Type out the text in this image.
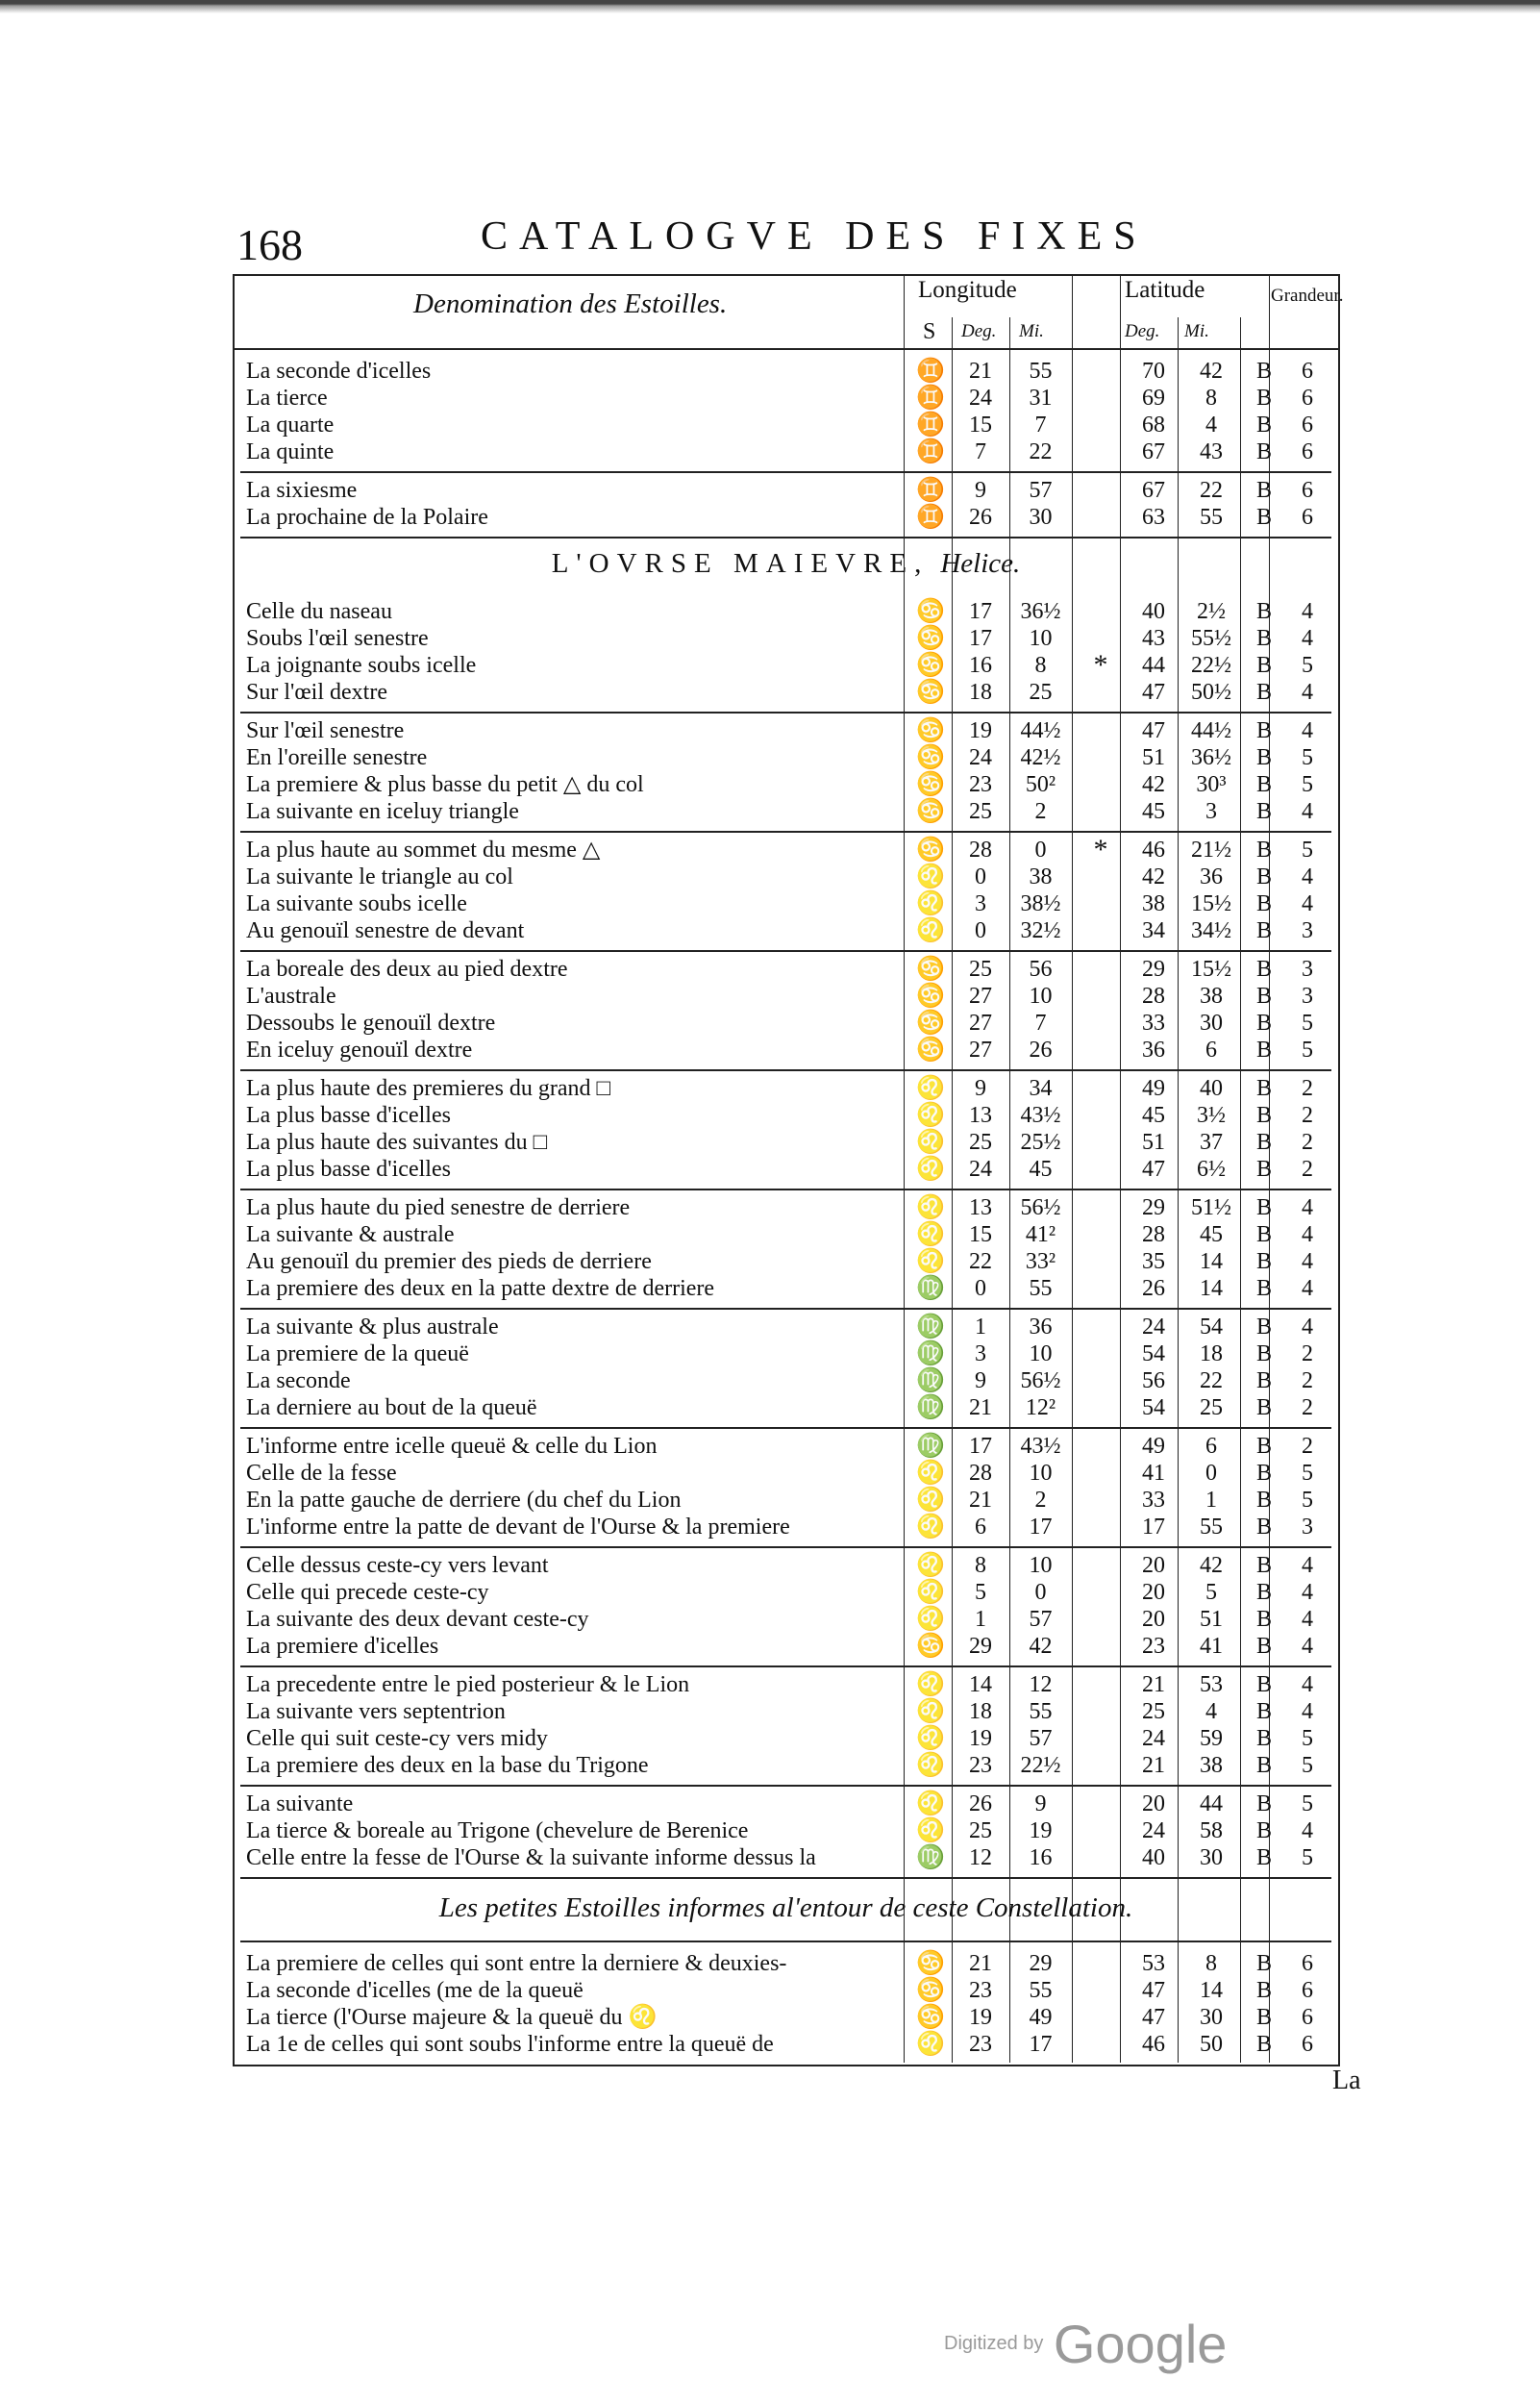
168	CATALOGVE DES FIXES
Denomination des Estoilles.	Longitude	Latitude
S Deg. Mi.	Deg. Mi.
Grandeur.
La seconde d'icelles	♊	21	55	70	42	B	6
La tierce	♊	24	31	69	8	B	6
La quarte	♊	15	7	68	4	B	6
La quinte	♊	7	22	67	43	B	6
La sixiesme	♊	9	57	67	22	B	6
La prochaine de la Polaire	♊	26	30	63	55	B	6
L'OVRSE MAIEVRE, Helice.
Celle du naseau	♋	17	36½	40	2½	B	4
Soubs l'œil senestre	♋	17	10	43	55½	B	4
La joignante soubs icelle	♋	16	8	*	44	22½	B	5
Sur l'œil dextre	♋	18	25	47	50½	B	4
Sur l'œil senestre	♋	19	44½	47	44½	B	4
En l'oreille senestre	♋	24	42½	51	36½	B	5
La premiere & plus basse du petit △ du col	♋	23	50²	42	30³	B	5
La suivante en iceluy triangle	♋	25	2	45	3	B	4
La plus haute au sommet du mesme △	♋	28	0	*	46	21½	B	5
La suivante le triangle au col	♌	0	38	42	36	B	4
La suivante soubs icelle	♌	3	38½	38	15½	B	4
Au genouïl senestre de devant	♌	0	32½	34	34½	B	3
La boreale des deux au pied dextre	♋	25	56	29	15½	B	3
L'australe	♋	27	10	28	38	B	3
Dessoubs le genouïl dextre	♋	27	7	33	30	B	5
En iceluy genouïl dextre	♋	27	26	36	6	B	5
La plus haute des premieres du grand □	♌	9	34	49	40	B	2
La plus basse d'icelles	♌	13	43½	45	3½	B	2
La plus haute des suivantes du □	♌	25	25½	51	37	B	2
La plus basse d'icelles	♌	24	45	47	6½	B	2
La plus haute du pied senestre de derriere	♌	13	56½	29	51½	B	4
La suivante & australe	♌	15	41²	28	45	B	4
Au genouïl du premier des pieds de derriere	♌	22	33²	35	14	B	4
La premiere des deux en la patte dextre de derriere	♍	0	55	26	14	B	4
La suivante & plus australe	♍	1	36	24	54	B	4
La premiere de la queuë	♍	3	10	54	18	B	2
La seconde	♍	9	56½	56	22	B	2
La derniere au bout de la queuë	♍	21	12²	54	25	B	2
L'informe entre icelle queuë & celle du Lion	♍	17	43½	49	6	B	2
Celle de la fesse	♌	28	10	41	0	B	5
En la patte gauche de derriere (du chef du Lion	♌	21	2	33	1	B	5
L'informe entre la patte de devant de l'Ourse & la premiere	♌	6	17	17	55	B	3
Celle dessus ceste-cy vers levant	♌	8	10	20	42	B	4
Celle qui precede ceste-cy	♌	5	0	20	5	B	4
La suivante des deux devant ceste-cy	♌	1	57	20	51	B	4
La premiere d'icelles	♋	29	42	23	41	B	4
La precedente entre le pied posterieur & le Lion	♌	14	12	21	53	B	4
La suivante vers septentrion	♌	18	55	25	4	B	4
Celle qui suit ceste-cy vers midy	♌	19	57	24	59	B	5
La premiere des deux en la base du Trigone	♌	23	22½	21	38	B	5
La suivante	♌	26	9	20	44	B	5
La tierce & boreale au Trigone (chevelure de Berenice	♌	25	19	24	58	B	4
Celle entre la fesse de l'Ourse & la suivante informe dessus la	♍	12	16	40	30	B	5
Les petites Estoilles informes al'entour de ceste Constellation.
La premiere de celles qui sont entre la derniere & deuxies-	♋	21	29	53	8	B	6
La seconde d'icelles (me de la queuë	♋	23	55	47	14	B	6
La tierce (l'Ourse majeure & la queuë du ♌	♋	19	49	47	30	B	6
La 1e de celles qui sont soubs l'informe entre la queuë de	♌	23	17	46	50	B	6
La
Digitized by Google
